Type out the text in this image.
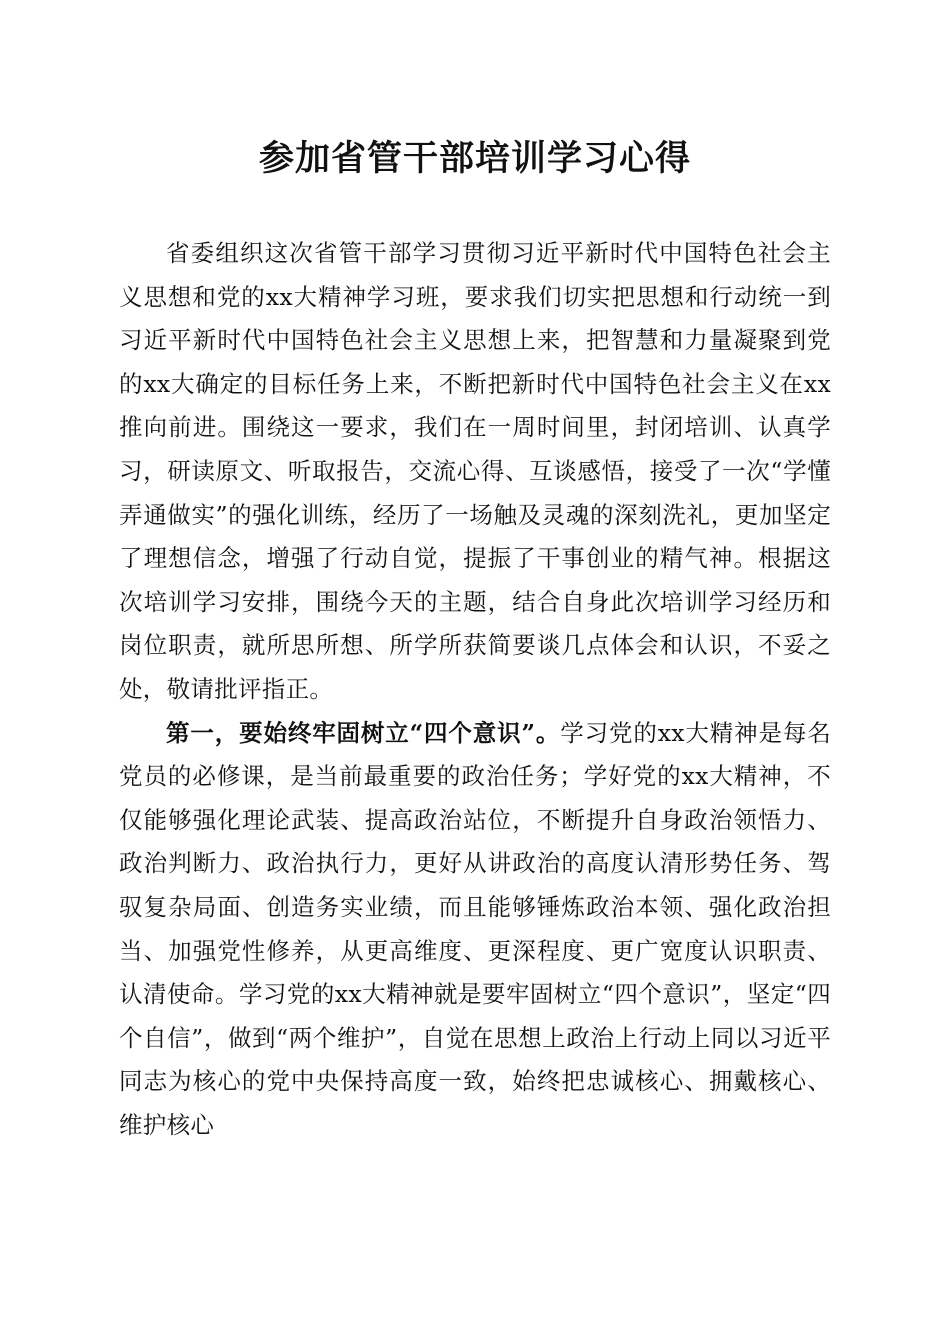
参加省管干部培训学习心得

省委组织这次省管干部学习贯彻习近平新时代中国特色社会主义思想和党的xx大精神学习班，要求我们切实把思想和行动统一到习近平新时代中国特色社会主义思想上来，把智慧和力量凝聚到党的xx大确定的目标任务上来，不断把新时代中国特色社会主义在xx推向前进。围绕这一要求，我们在一周时间里，封闭培训、认真学习，研读原文、听取报告，交流心得、互谈感悟，接受了一次“学懂弄通做实”的强化训练，经历了一场触及灵魂的深刻洗礼，更加坚定了理想信念，增强了行动自觉，提振了干事创业的精气神。根据这次培训学习安排，围绕今天的主题，结合自身此次培训学习经历和岗位职责，就所思所想、所学所获简要谈几点体会和认识，不妥之处，敬请批评指正。

第一，要始终牢固树立“四个意识”。学习党的xx大精神是每名党员的必修课，是当前最重要的政治任务；学好党的xx大精神，不仅能够强化理论武装、提高政治站位，不断提升自身政治领悟力、政治判断力、政治执行力，更好从讲政治的高度认清形势任务、驾驭复杂局面、创造务实业绩，而且能够锤炼政治本领、强化政治担当、加强党性修养，从更高维度、更深程度、更广宽度认识职责、认清使命。学习党的xx大精神就是要牢固树立“四个意识”，坚定“四个自信”，做到“两个维护”，自觉在思想上政治上行动上同以习近平同志为核心的党中央保持高度一致，始终把忠诚核心、拥戴核心、维护核心
